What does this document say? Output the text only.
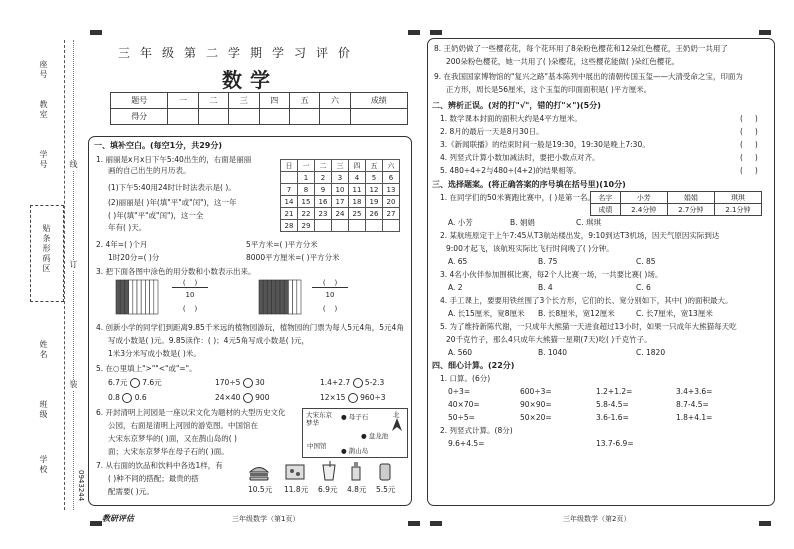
座号
教室
学号
贴条形码区
姓名
班级
学校
线
订
装
0943244
三年级第二学期学习评价
数学
题号	一	二	三	四	五	六	成绩
得分							
一、填补空白。(每空1分，共29分)
1. 丽丽是x月x日下午5:40出生的，右面是丽丽
画的自己出生的月历表。
(1)下午5:40用24时计时法表示是( )。
(2)丽丽是( )年(填"平"或"闰")，这一年
( )年(填"平"或"闰")，这一全
年有( )天。
日	一	二	三	四	五	六
	1	2	3	4	5	6
7	8	9	10	11	12	13
14	15	16	17	18	19	20
21	22	23	24	25	26	27
28	29					
2. 4年=( )个月	5平方米=( )平方分米
1时20分=( )分	8000平方厘米=( )平方分米
3. 把下面各图中涂色的用分数和小数表示出来。
(    )
10
(    )
(    )
10
(    )
4. 创新小学的同学们到距离9.85千米远的植物园游玩，植物园的门票为每人5元4角，5元4角
写成小数是( )元。9.85读作：( )；4元5角写成小数是( )元，
1米3分米写成小数是( )米。
5. 在○里填上">""<"或"="。
6.7元 7.6元	170÷5 30	1.4+2.7 5-2.3
0.8 0.6	24×40 900	12×15 960÷3
6. 开封清明上河园是一座以宋文化为题材的大型历史文化
公园，右面是清明上河园的游览图。中国馆在
大宋东京梦华的( )面，又在鹊山岛的( )
面；大宋东京梦华在母子石的( )面。
大宋东京梦华
● 母子石
● 盘龙池
中国馆
● 鹊山岛
北
7. 从右面的饮品和饮料中各选1样，有
( )种不同的搭配；最贵的搭
配需要( )元。	10.5元 11.8元 6.9元 4.8元 5.5元
教研评估	三年级数学（第1页）
8. 王奶奶做了一些樱花花，每个花环用了8朵粉色樱花和12朵红色樱花，王奶奶一共用了
200朵粉色樱花，她一共用了( )朵樱花，这些樱花能做( )朵红色樱花。
9. 在我国国家博物馆的"复兴之路"基本陈列中展出的清朝传国玉玺——大清受命之宝，印面为
正方形，周长是56厘米，这个玉玺的印面面积是( )平方厘米。
二、辨析正误。(对的打"√"，错的打"×")(5分)
1. 数学课本封面的面积大约是4平方厘米。
2. 8月的最后一天是8月30日。
3.《新闻联播》的结束时间一般是19:30，19:30是晚上7:30。
4. 列竖式计算小数加减法时，要把小数点对齐。
5. 480÷4÷2与480÷(4+2)的结果相等。
(     )
(     )
(     )
(     )
(     )
三、选择题案。(将正确答案的序号填在括号里)(10分)
1. 在同学们的50米赛跑比赛中，( )是第一名。 名字	小芳	娟娟	琪琪
成绩	2.4分钟	2.7分钟	2.1分钟
A. 小芳	B. 娟娟	C. 琪琪
2. 某航班原定于上午7:45从T3航站楼出发，9:10到达T3机场，因天气原因实际到达
9:00才起飞，该航班实际比飞行时间晚了( )分钟。
A. 65	B. 75	C. 85
3. 4名小伙伴参加围棋比赛，每2个人比赛一场，一共要比赛( )场。
A. 2	B. 4	C. 6
4. 手工课上，要要用铁丝围了3个长方形，它们的长、宽分别如下，其中( )的面积最大。
A. 长15厘米，宽8厘米 B. 长8厘米，宽12厘米	C. 长7厘米，宽13厘米
5. 为了维持新陈代谢，一只成年大熊猫一天进食超过13小时，如果一只成年大熊猫每天吃
20千克竹子，那么4只成年大熊猫一星期(7天)吃( )千克竹子。
A. 560	B. 1040	C. 1820
四、细心计算。(22分)
1. 口算。(6分)
0÷3=	600÷3=	1.2+1.2=	3.4+3.6=
40×70=	90×90=	5.8-4.5=	8.7-4.5=
50÷5=	50×20=	3.6-1.6=	1.8+4.1=
2. 列竖式计算。(8分)
9.6+4.5=	13.7-6.9=
三年级数学（第2页）
